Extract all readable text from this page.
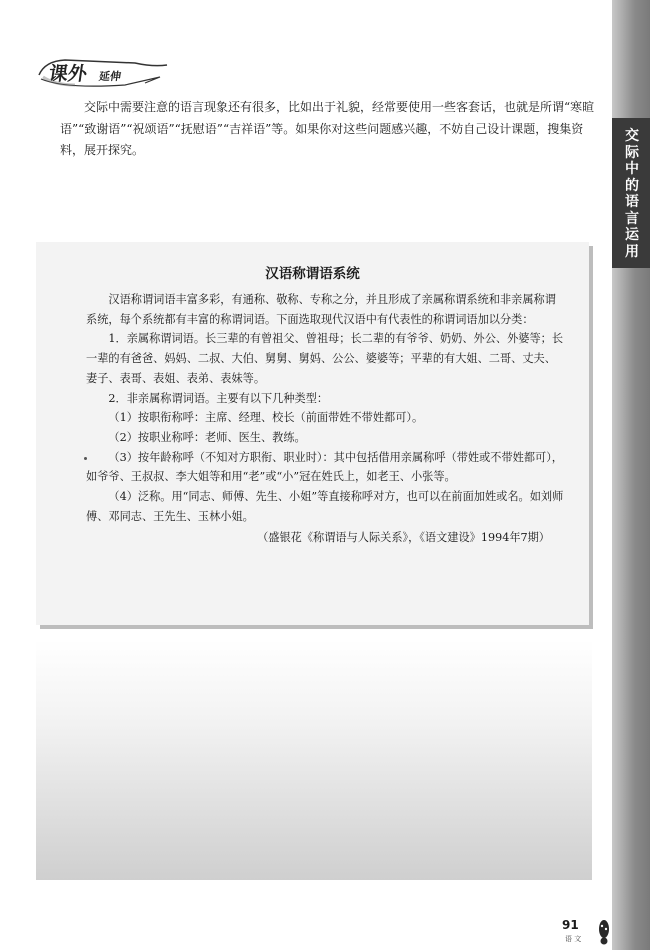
交际中的语言运用
课外 延伸

交际中需要注意的语言现象还有很多，比如出于礼貌，经常要使用一些客套话，也就是所谓“寒暄语”“致谢语”“祝颂语”“抚慰语”“吉祥语”等。如果你对这些问题感兴趣，不妨自己设计课题，搜集资料，展开探究。

汉语称谓语系统

汉语称谓词语丰富多彩，有通称、敬称、专称之分，并且形成了亲属称谓系统和非亲属称谓系统，每个系统都有丰富的称谓词语。下面选取现代汉语中有代表性的称谓词语加以分类：

1．亲属称谓词语。长三辈的有曾祖父、曾祖母；长二辈的有爷爷、奶奶、外公、外婆等；长一辈的有爸爸、妈妈、二叔、大伯、舅舅、舅妈、公公、婆婆等；平辈的有大姐、二哥、丈夫、妻子、表哥、表姐、表弟、表妹等。

2．非亲属称谓词语。主要有以下几种类型：

（1）按职衔称呼：主席、经理、校长（前面带姓不带姓都可）。

（2）按职业称呼：老师、医生、教练。

（3）按年龄称呼（不知对方职衔、职业时）：其中包括借用亲属称呼（带姓或不带姓都可），如爷爷、王叔叔、李大姐等和用“老”或“小”冠在姓氏上，如老王、小张等。

（4）泛称。用“同志、师傅、先生、小姐”等直接称呼对方，也可以在前面加姓或名。如刘师傅、邓同志、王先生、玉林小姐。

（盛银花《称谓语与人际关系》，《语文建设》1994年7期）

91
语 文
